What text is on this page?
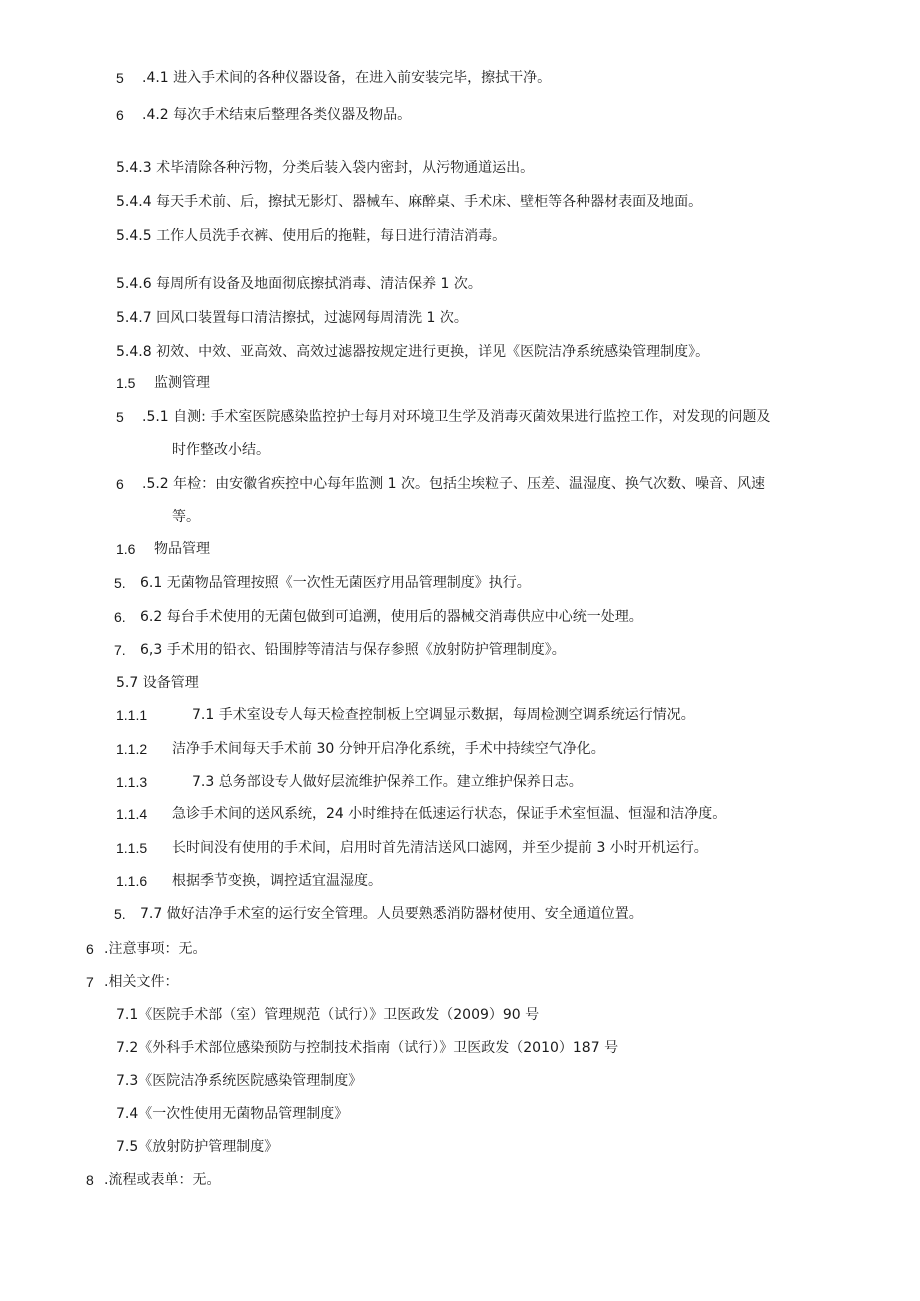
5 .4.1 进入手术间的各种仪器设备，在进入前安装完毕，擦拭干净。
6 .4.2 每次手术结束后整理各类仪器及物品。
5.4.3 术毕清除各种污物，分类后装入袋内密封，从污物通道运出。
5.4.4 每天手术前、后，擦拭无影灯、器械车、麻醉桌、手术床、壁柜等各种器材表面及地面。
5.4.5 工作人员洗手衣裤、使用后的拖鞋，每日进行清洁消毒。
5.4.6 每周所有设备及地面彻底擦拭消毒、清洁保养 1 次。
5.4.7 回风口装置每口清洁擦拭，过滤网每周清洗 1 次。
5.4.8 初效、中效、亚高效、高效过滤器按规定进行更换，详见《医院洁净系统感染管理制度》。
1.5 监测管理
5 .5.1 自测: 手术室医院感染监控护士每月对环境卫生学及消毒灭菌效果进行监控工作，对发现的问题及
时作整改小结。
6 .5.2 年检：由安徽省疾控中心每年监测 1 次。包括尘埃粒子、压差、温湿度、换气次数、噪音、风速
等。
1.6 物品管理
5. 6.1 无菌物品管理按照《一次性无菌医疗用品管理制度》执行。
6. 6.2 每台手术使用的无菌包做到可追溯，使用后的器械交消毒供应中心统一处理。
7. 6,3 手术用的铅衣、铅围脖等清洁与保存参照《放射防护管理制度》。
5.7 设备管理
1.1.1	7.1 手术室设专人每天检查控制板上空调显示数据，每周检测空调系统运行情况。
1.1.2 洁净手术间每天手术前 30 分钟开启净化系统，手术中持续空气净化。
1.1.3	7.3 总务部设专人做好层流维护保养工作。建立维护保养日志。
1.1.4 急诊手术间的送风系统，24 小时维持在低速运行状态，保证手术室恒温、恒湿和洁净度。
1.1.5 长时间没有使用的手术间，启用时首先清洁送风口滤网，并至少提前 3 小时开机运行。
1.1.6 根据季节变换，调控适宜温湿度。
5. 7.7 做好洁净手术室的运行安全管理。人员要熟悉消防器材使用、安全通道位置。
6 .注意事项：无。
7 .相关文件：
7.1《医院手术部（室）管理规范（试行）》卫医政发（2009）90 号
7.2《外科手术部位感染预防与控制技术指南（试行）》卫医政发（2010）187 号
7.3《医院洁净系统医院感染管理制度》
7.4《一次性使用无菌物品管理制度》
7.5《放射防护管理制度》
8 .流程或表单：无。
